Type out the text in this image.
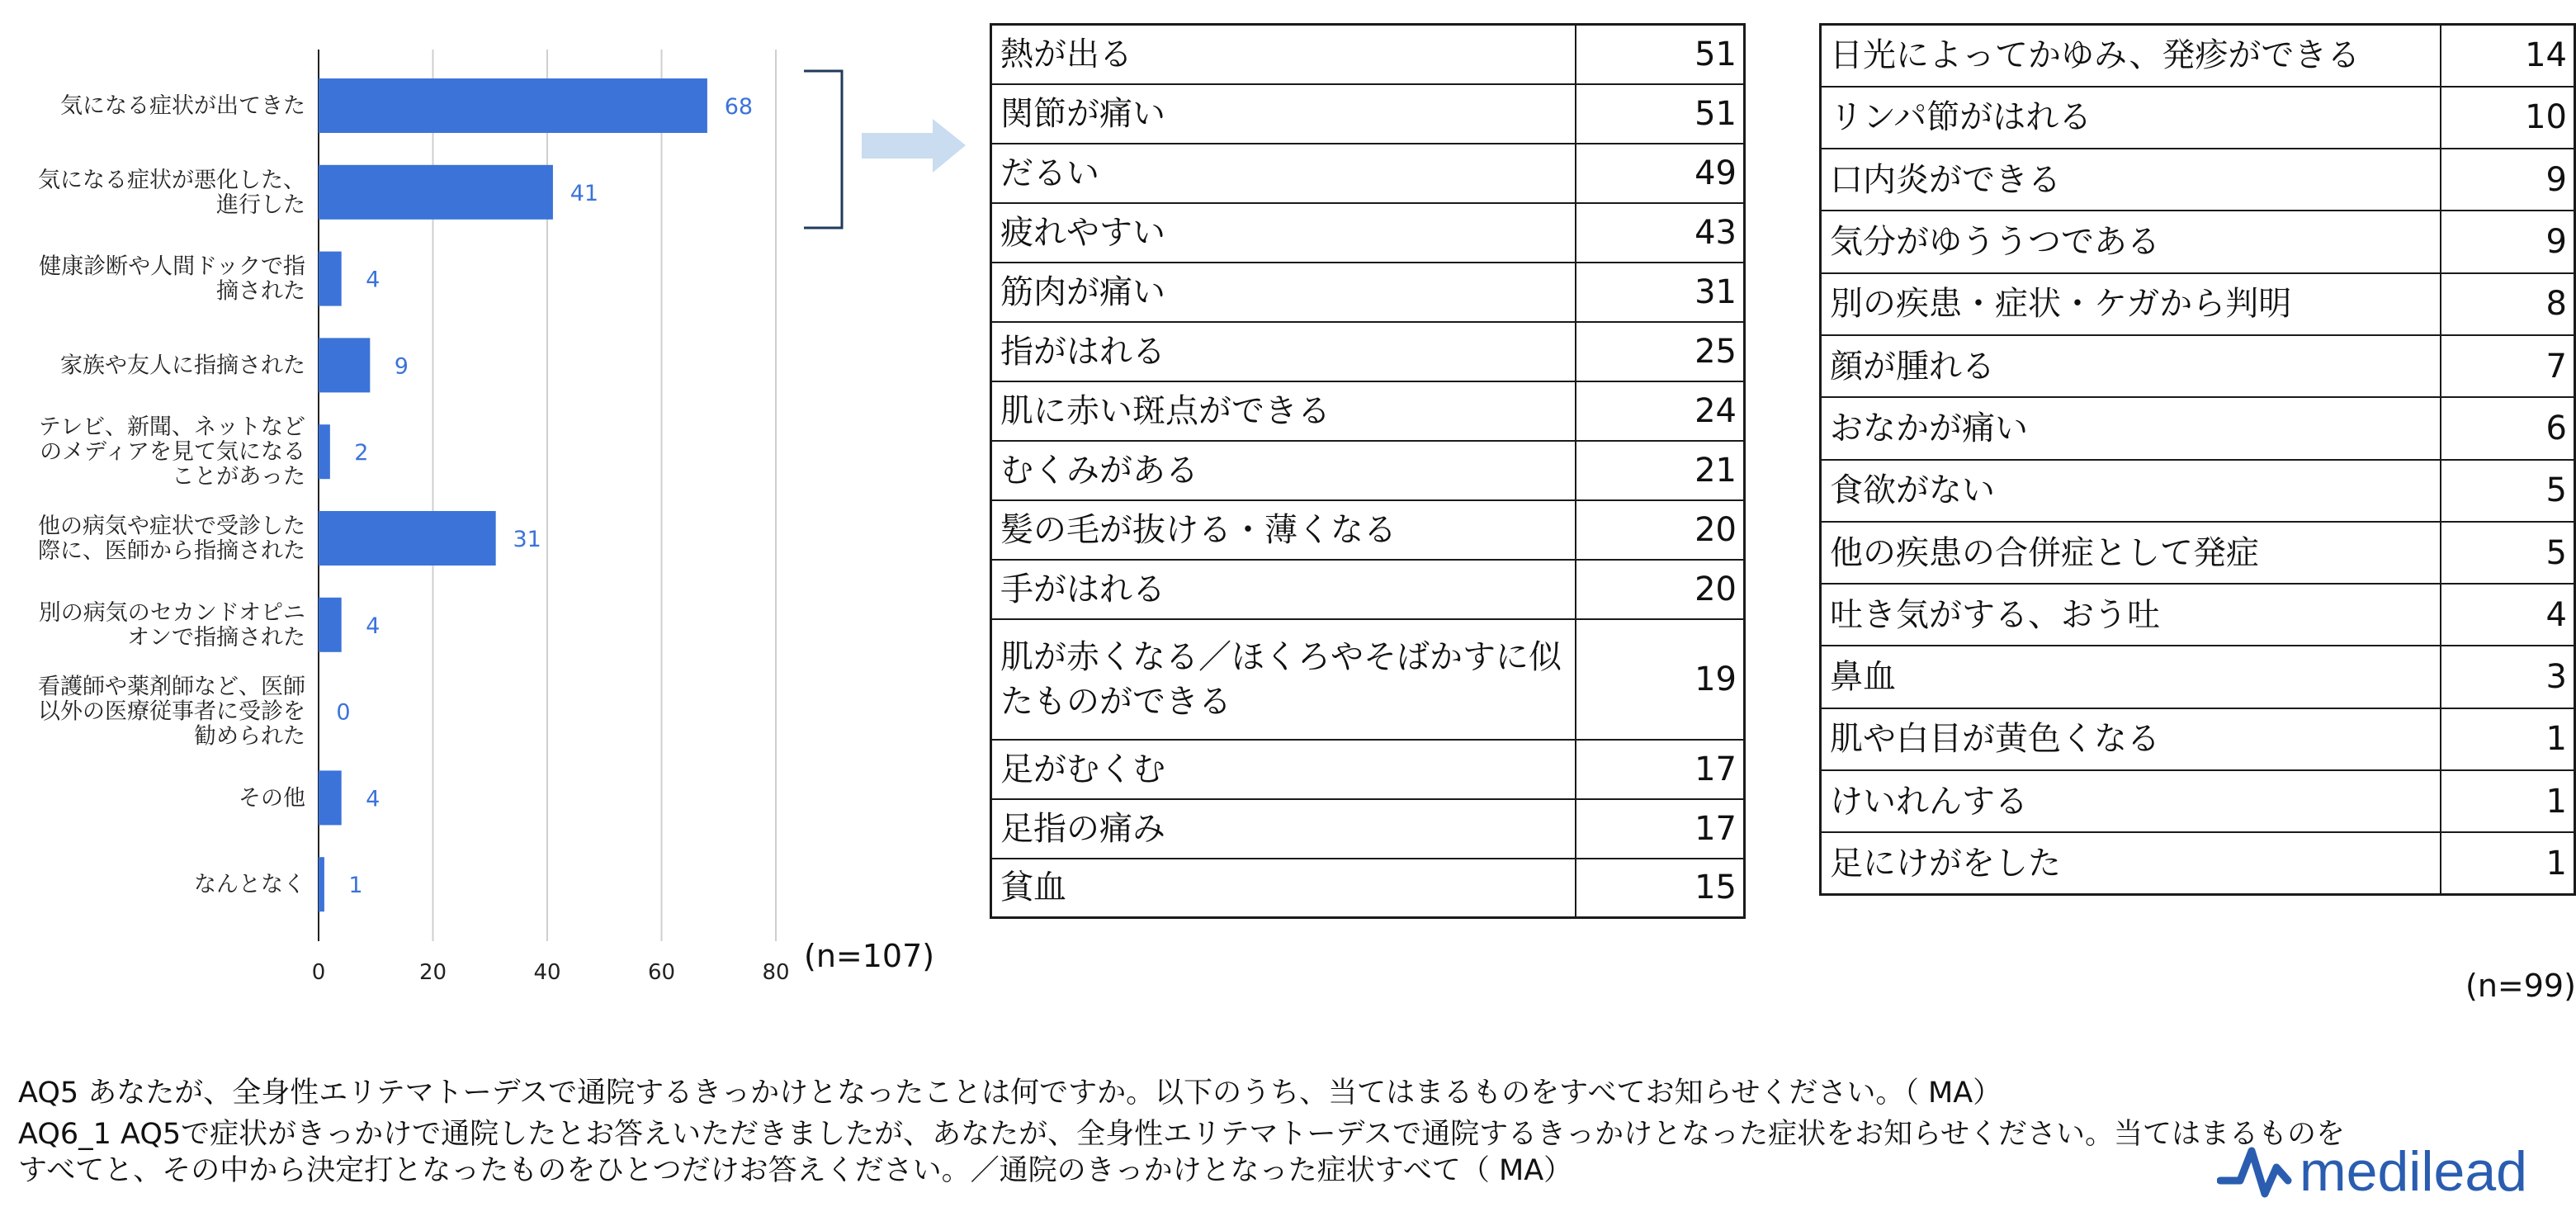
気になる症状が出てきた
気になる症状が悪化した、進行した
健康診断や人間ドックで指摘された
家族や友人に指摘された
テレビ、新聞、ネットなどのメディアを見て気になることがあった
他の病気や症状で受診した際に、医師から指摘された
別の病気のセカンドオピニオンで指摘された
看護師や薬剤師など、医師以外の医療従事者に受診を勧められた
その他
なんとなく
68
41
4
9
2
31
4
0
4
1
0	20	40	60	80 (n=107)
熱が出る	51
関節が痛い	51
だるい	49
疲れやすい	43
筋肉が痛い	31
指がはれる	25
肌に赤い斑点ができる	24
むくみがある	21
髪の毛が抜ける・薄くなる	20
手がはれる	20
肌が赤くなる／ほくろやそばかすに似
たものができる	19
足がむくむ	17
足指の痛み	17
貧血	15
日光によってかゆみ、発疹ができる	14
リンパ節がはれる	10
口内炎ができる	9
気分がゆううつである	9
別の疾患・症状・ケガから判明	8
顔が腫れる	7
おなかが痛い	6
食欲がない	5
他の疾患の合併症として発症	5
吐き気がする、おう吐	4
鼻血	3
肌や白目が黄色くなる	1
けいれんする	1
足にけがをした	1
(n=99)
AQ5 あなたが、全身性エリテマトーデスで通院するきっかけとなったことは何ですか。以下のうち、当てはまるものをすべてお知らせください。（ MA）
AQ6_1 AQ5で症状がきっかけで通院したとお答えいただきましたが、あなたが、全身性エリテマトーデスで通院するきっかけとなった症状をお知らせください。当てはまるものを
すべてと、その中から決定打となったものをひとつだけお答えください。／通院のきっかけとなった症状すべて（ MA）	medilead
